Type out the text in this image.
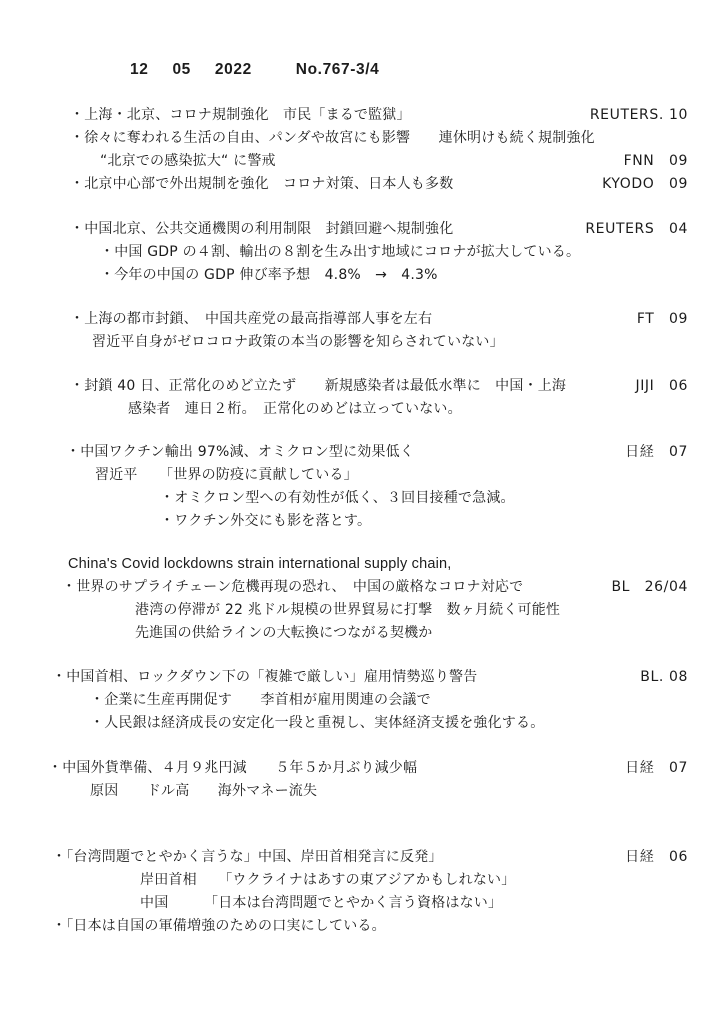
12 05 2022	No.767-3/4
・上海・北京、コロナ規制強化　市民「まるで監獄」	REUTERS. 10
・徐々に奪われる生活の自由、パンダや故宮にも影響　　連休明けも続く規制強化
“北京での感染拡大“ に警戒	FNN　09
・北京中心部で外出規制を強化　コロナ対策、日本人も多数	KYODO　09
・中国北京、公共交通機関の利用制限　封鎖回避へ規制強化	REUTERS　04
・中国 GDP の４割、輸出の８割を生み出す地域にコロナが拡大している。
・今年の中国の GDP 伸び率予想　4.8%　→　4.3%
・上海の都市封鎖、　中国共産党の最高指導部人事を左右	FT　09
習近平自身がゼロコロナ政策の本当の影響を知らされていない」
・封鎖 40 日、正常化のめど立たず　　新規感染者は最低水準に　中国・上海	JIJI　06
感染者　連日２桁。　正常化のめどは立っていない。
・中国ワクチン輸出 97%減、オミクロン型に効果低く	日経　07
習近平　　「世界の防疫に貢献している」
・オミクロン型への有効性が低く、３回目接種で急減。
・ワクチン外交にも影を落とす。
China's Covid lockdowns strain international supply chain,
・世界のサプライチェーン危機再現の恐れ、　中国の厳格なコロナ対応で	BL　26/04
港湾の停滞が 22 兆ドル規模の世界貿易に打撃　数ヶ月続く可能性
先進国の供給ラインの大転換につながる契機か
・中国首相、ロックダウン下の「複雑で厳しい」雇用情勢巡り警告	BL. 08
・企業に生産再開促す　　李首相が雇用関連の会議で
・人民銀は経済成長の安定化一段と重視し、実体経済支援を強化する。
・中国外貨準備、４月９兆円減　　５年５か月ぶり減少幅	日経　07
原因　　ドル高　　海外マネー流失
・「台湾問題でとやかく言うな」中国、岸田首相発言に反発」	日経　06
岸田首相　　「ウクライナはあすの東アジアかもしれない」
中国　　　「日本は台湾問題でとやかく言う資格はない」
・「日本は自国の軍備増強のための口実にしている。
